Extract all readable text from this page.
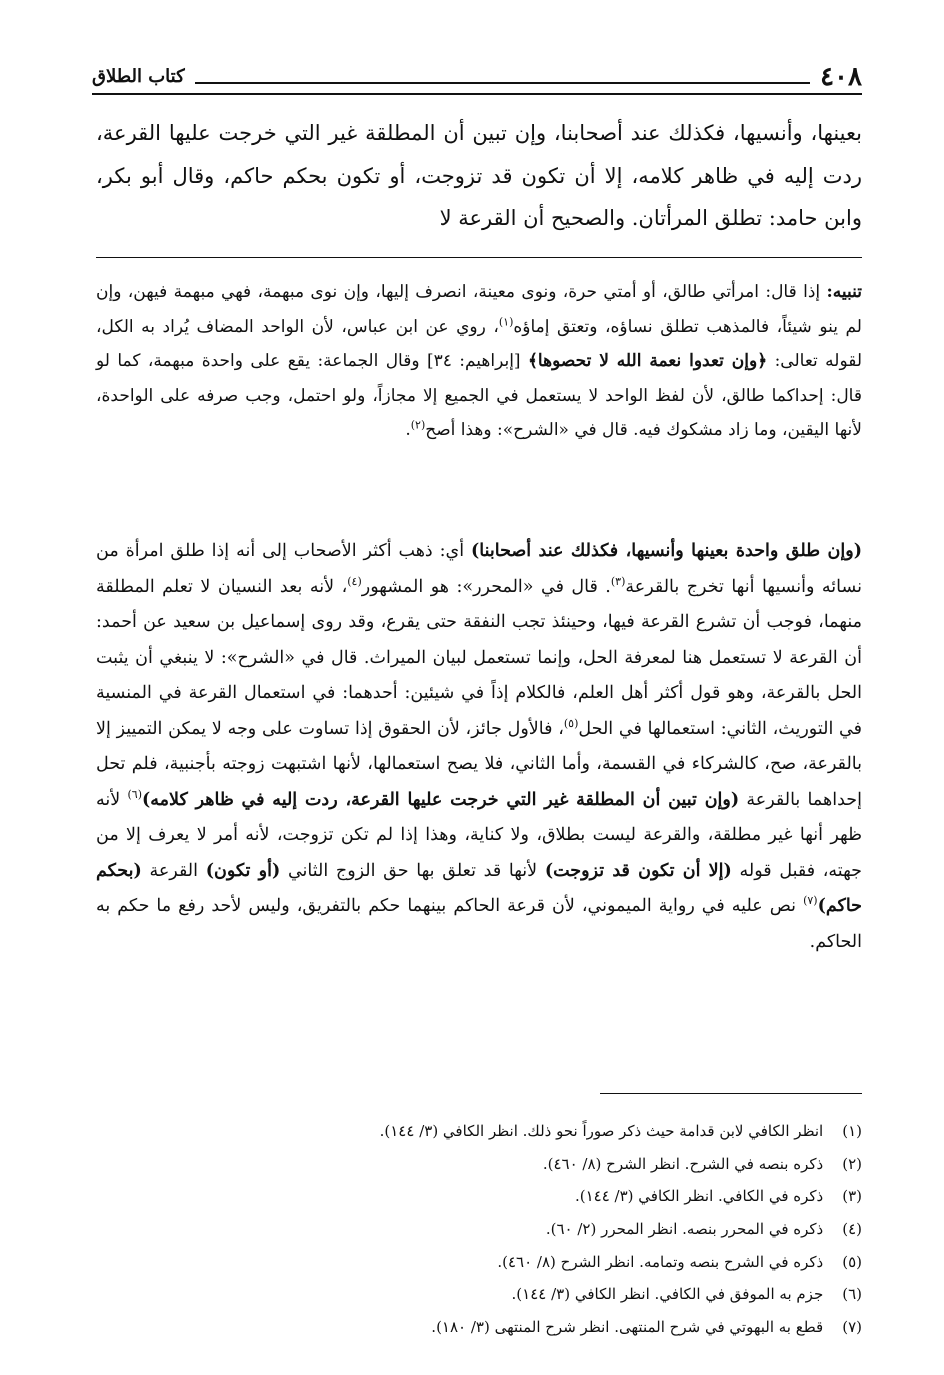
٤٠٨
كتاب الطلاق

بعينها، وأنسيها، فكذلك عند أصحابنا، وإن تبين أن المطلقة غير التي خرجت عليها القرعة، ردت إليه في ظاهر كلامه، إلا أن تكون قد تزوجت، أو تكون بحكم حاكم، وقال أبو بكر، وابن حامد: تطلق المرأتان. والصحيح أن القرعة لا

تنبيه: إذا قال: امرأتي طالق، أو أمتي حرة، ونوى معينة، انصرف إليها، وإن نوى مبهمة، فهي مبهمة فيهن، وإن لم ينو شيئاً، فالمذهب تطلق نساؤه، وتعتق إماؤه$^{(١)}$، روي عن ابن عباس، لأن الواحد المضاف يُراد به الكل، لقوله تعالى: ﴿وإن تعدوا نعمة الله لا تحصوها﴾ [إبراهيم: ٣٤] وقال الجماعة: يقع على واحدة مبهمة، كما لو قال: إحداكما طالق، لأن لفظ الواحد لا يستعمل في الجميع إلا مجازاً، ولو احتمل، وجب صرفه على الواحدة، لأنها اليقين، وما زاد مشكوك فيه. قال في «الشرح»: وهذا أصح$^{(٢)}$.

(وإن طلق واحدة بعينها وأنسيها، فكذلك عند أصحابنا) أي: ذهب أكثر الأصحاب إلى أنه إذا طلق امرأة من نسائه وأنسيها أنها تخرج بالقرعة$^{(٣)}$. قال في «المحرر»: هو المشهور$^{(٤)}$، لأنه بعد النسيان لا تعلم المطلقة منهما، فوجب أن تشرع القرعة فيها، وحينئذ تجب النفقة حتى يقرع، وقد روى إسماعيل بن سعيد عن أحمد: أن القرعة لا تستعمل هنا لمعرفة الحل، وإنما تستعمل لبيان الميراث. قال في «الشرح»: لا ينبغي أن يثبت الحل بالقرعة، وهو قول أكثر أهل العلم، فالكلام إذاً في شيئين: أحدهما: في استعمال القرعة في المنسية في التوريث، الثاني: استعمالها في الحل$^{(٥)}$، فالأول جائز، لأن الحقوق إذا تساوت على وجه لا يمكن التمييز إلا بالقرعة، صح، كالشركاء في القسمة، وأما الثاني، فلا يصح استعمالها، لأنها اشتبهت زوجته بأجنبية، فلم تحل إحداهما بالقرعة (وإن تبين أن المطلقة غير التي خرجت عليها القرعة، ردت إليه في ظاهر كلامه)$^{(٦)}$ لأنه ظهر أنها غير مطلقة، والقرعة ليست بطلاق، ولا كناية، وهذا إذا لم تكن تزوجت، لأنه أمر لا يعرف إلا من جهته، فقبل قوله (إلا أن تكون قد تزوجت) لأنها قد تعلق بها حق الزوج الثاني (أو تكون) القرعة (بحكم حاكم)$^{(٧)}$ نص عليه في رواية الميموني، لأن قرعة الحاكم بينهما حكم بالتفريق، وليس لأحد رفع ما حكم به الحاكم.

(١) انظر الكافي لابن قدامة حيث ذكر صوراً نحو ذلك. انظر الكافي (٣/ ١٤٤).
(٢) ذكره بنصه في الشرح. انظر الشرح (٨/ ٤٦٠).
(٣) ذكره في الكافي. انظر الكافي (٣/ ١٤٤).
(٤) ذكره في المحرر بنصه. انظر المحرر (٢/ ٦٠).
(٥) ذكره في الشرح بنصه وتمامه. انظر الشرح (٨/ ٤٦٠).
(٦) جزم به الموفق في الكافي. انظر الكافي (٣/ ١٤٤).
(٧) قطع به البهوتي في شرح المنتهى. انظر شرح المنتهى (٣/ ١٨٠).
